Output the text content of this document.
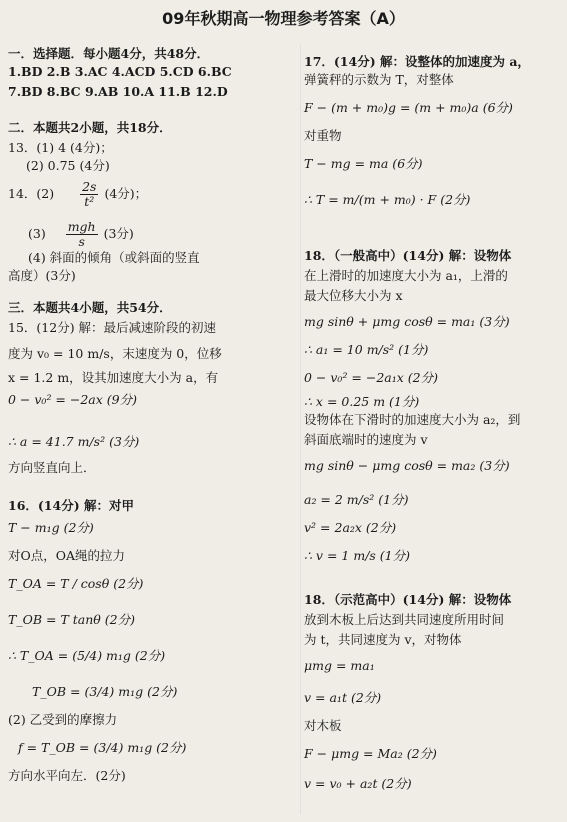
09年秋期高一物理参考答案（A）
一．选择题．每小题4分，共48分．
1.BD 2.B 3.AC 4.ACD 5.CD 6.BC
7.BD 8.BC 9.AB 10.A 11.B 12.D
二．本题共2小题，共18分．
13．(1) 4 (4分)；
(2) 0.75 (4分)
14．$(2) \frac{2s}{\text{t²}} (4$分)；
$(3) \frac{\text{mgh}}{s} (3$分)
(4) 斜面的倾角（或斜面的竖直
高度）(3分)
三．本题共4小题，共54分．
15．(12分) 解：最后减速阶段的初速
度为 v₀ = 10 m/s，末速度为 0，位移
x = 1.2 m，设其加速度大小为 a，有
0 − v₀² = −2ax (9分)
∴ a = 41.7 m/s² (3分)
方向竖直向上．
16．(14分) 解：对甲
T − m₁g (2分)
对O点，OA绳的拉力
T_OA = T / cosθ (2分)
T_OB = T tanθ (2分)
∴ T_OA = (5/4) m₁g (2分)
T_OB = (3/4) m₁g (2分)
(2) 乙受到的摩擦力
f = T_OB = (3/4) m₁g (2分)
方向水平向左．(2分)
17．(14分) 解：设整体的加速度为 a，
弹簧秤的示数为 T，对整体
F − (m + m₀)g = (m + m₀)a (6分)
对重物
T − mg = ma (6分)
∴ T = m/(m + m₀) · F (2分)
18．（一般高中）(14分) 解：设物体
在上滑时的加速度大小为 a₁，上滑的
最大位移大小为 x
mg sinθ + μmg cosθ = ma₁ (3分)
∴ a₁ = 10 m/s² (1分)
0 − v₀² = −2a₁x (2分)
∴ x = 0.25 m (1分)
设物体在下滑时的加速度大小为 a₂，到
斜面底端时的速度为 v
mg sinθ − μmg cosθ = ma₂ (3分)
a₂ = 2 m/s² (1分)
v² = 2a₂x (2分)
∴ v = 1 m/s (1分)
18．（示范高中）(14分) 解：设物体
放到木板上后达到共同速度所用时间
为 t，共同速度为 v，对物体
μmg = ma₁
v = a₁t (2分)
对木板
F − μmg = Ma₂ (2分)
v = v₀ + a₂t (2分)
